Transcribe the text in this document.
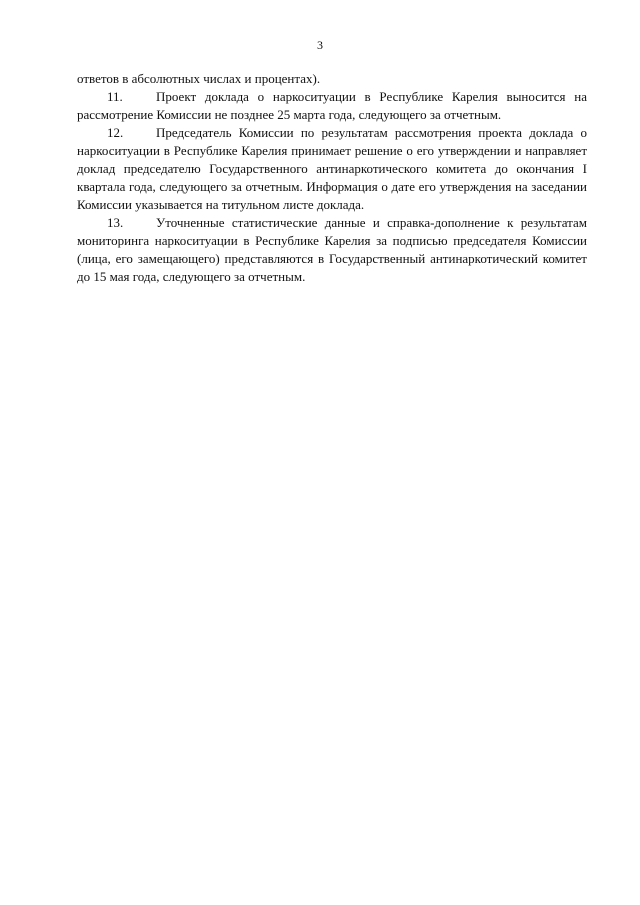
3

ответов в абсолютных числах и процентах).

11.	Проект доклада о наркоситуации в Республике Карелия выносится на рассмотрение Комиссии не позднее 25 марта года, следующего за отчетным.

12.	Председатель Комиссии по результатам рассмотрения проекта доклада о наркоситуации в Республике Карелия принимает решение о его утверждении и направляет доклад председателю Государственного антинаркотического комитета до окончания I квартала года, следующего за отчетным. Информация о дате его утверждения на заседании Комиссии указывается на титульном листе доклада.

13.	Уточненные статистические данные и справка-дополнение к результатам мониторинга наркоситуации в Республике Карелия за подписью председателя Комиссии (лица, его замещающего) представляются в Государственный антинаркотический комитет до 15 мая года, следующего за отчетным.
